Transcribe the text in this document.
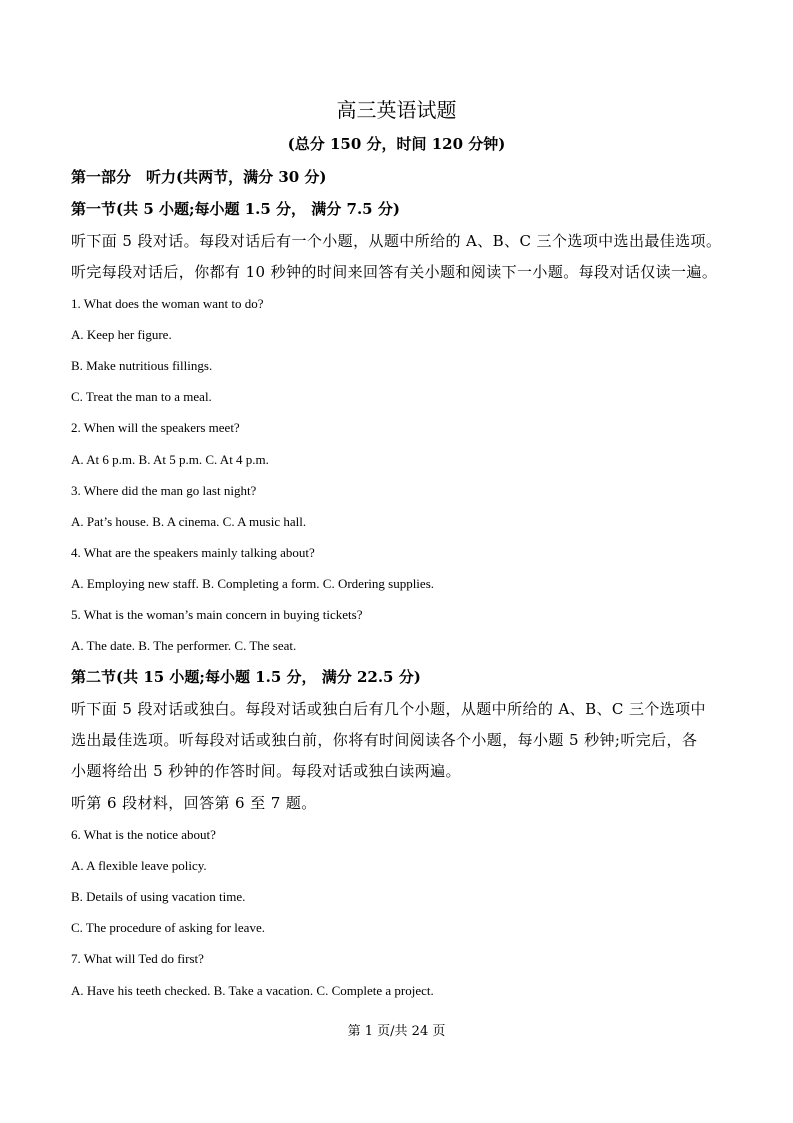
高三英语试题
(总分 150 分，时间 120 分钟)
第一部分　听力(共两节，满分 30 分)
第一节(共 5 小题;每小题 1.5 分， 满分 7.5 分)
听下面 5 段对话。每段对话后有一个小题，从题中所给的 A、B、C 三个选项中选出最佳选项。
听完每段对话后，你都有 10 秒钟的时间来回答有关小题和阅读下一小题。每段对话仅读一遍。
1. What does the woman want to do?
A. Keep her figure.
B. Make nutritious fillings.
C. Treat the man to a meal.
2. When will the speakers meet?
A. At 6 p.m. B. At 5 p.m. C. At 4 p.m.
3. Where did the man go last night?
A. Pat’s house. B. A cinema. C. A music hall.
4. What are the speakers mainly talking about?
A. Employing new staff. B. Completing a form. C. Ordering supplies.
5. What is the woman’s main concern in buying tickets?
A. The date. B. The performer. C. The seat.
第二节(共 15 小题;每小题 1.5 分， 满分 22.5 分)
听下面 5 段对话或独白。每段对话或独白后有几个小题，从题中所给的 A、B、C 三个选项中
选出最佳选项。听每段对话或独白前，你将有时间阅读各个小题，每小题 5 秒钟;听完后，各
小题将给出 5 秒钟的作答时间。每段对话或独白读两遍。
听第 6 段材料，回答第 6 至 7 题。
6. What is the notice about?
A. A flexible leave policy.
B. Details of using vacation time.
C. The procedure of asking for leave.
7. What will Ted do first?
A. Have his teeth checked. B. Take a vacation. C. Complete a project.
第 1 页/共 24 页
